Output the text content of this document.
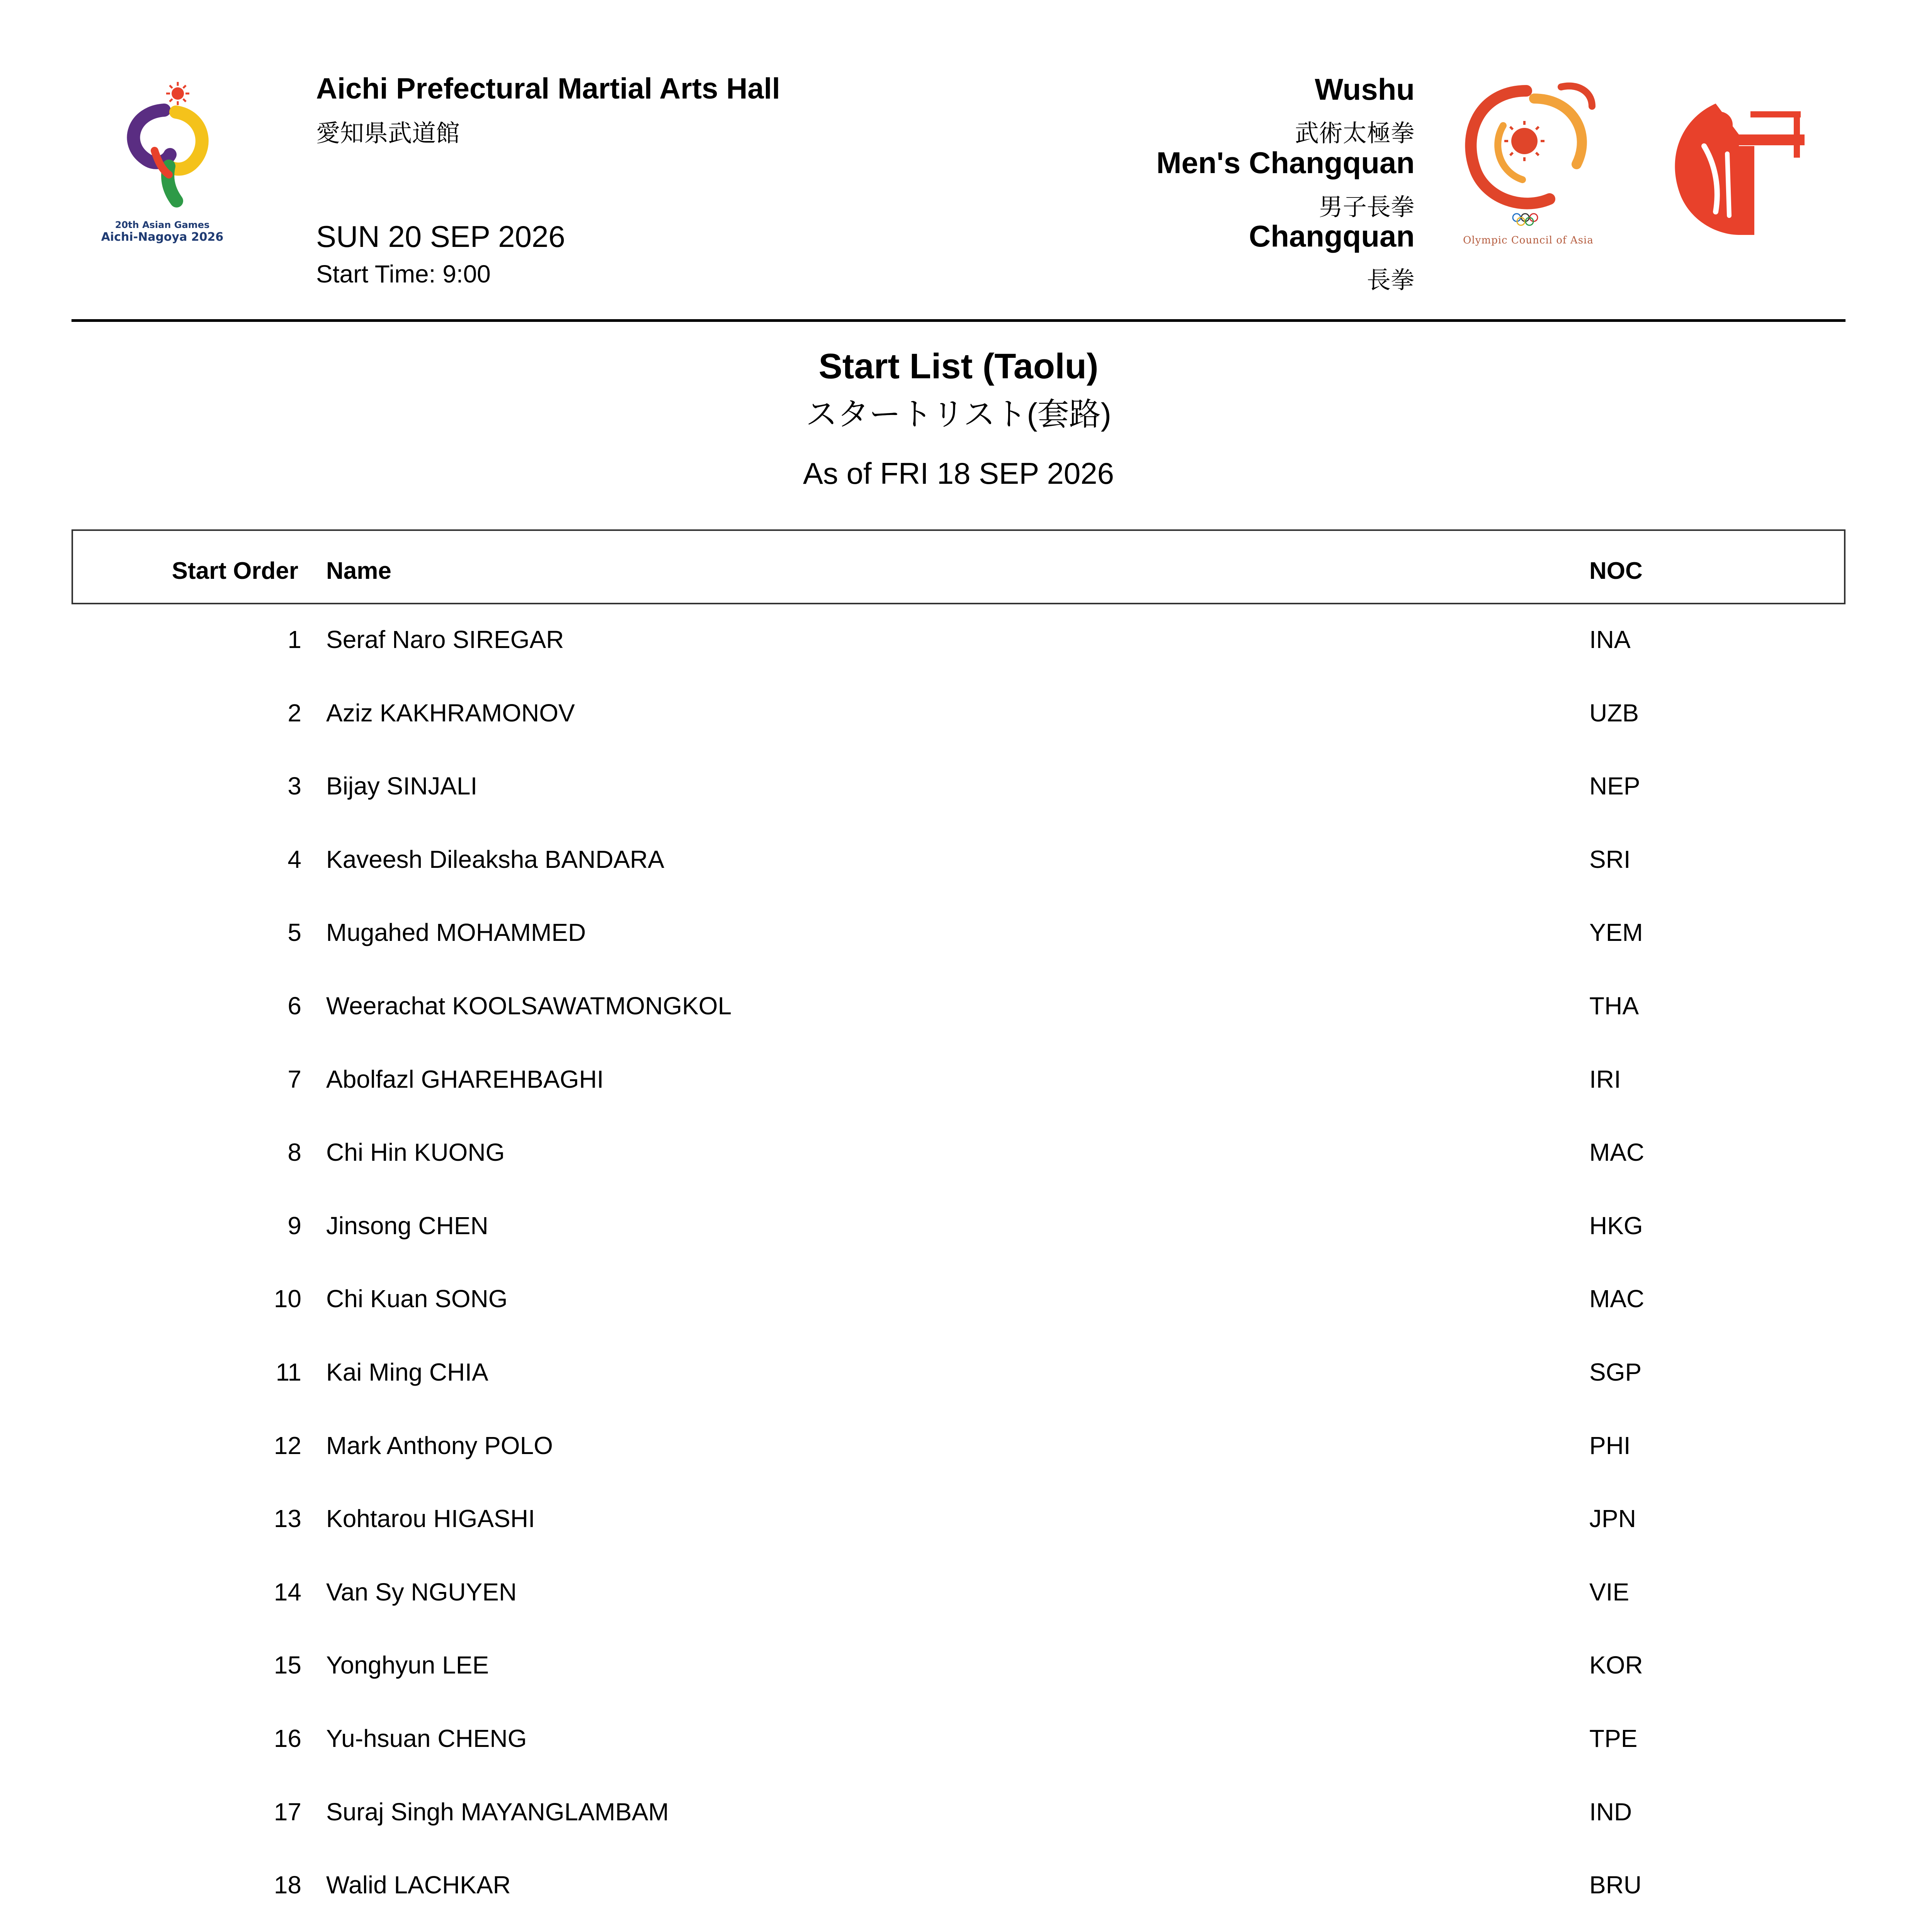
20th Asian Games
Aichi-Nagoya 2026
Aichi Prefectural Martial Arts Hall
愛知県武道館
SUN 20 SEP 2026
Start Time: 9:00
Wushu
武術太極拳
Men's Changquan
男子長拳
Changquan
長拳
Olympic Council of Asia
Start List (Taolu)
スタートリスト(套路)
As of FRI 18 SEP 2026
Start Order Name	NOC
1 Seraf Naro SIREGAR	INA
2 Aziz KAKHRAMONOV	UZB
3 Bijay SINJALI	NEP
4 Kaveesh Dileaksha BANDARA	SRI
5 Mugahed MOHAMMED	YEM
6 Weerachat KOOLSAWATMONGKOL	THA
7 Abolfazl GHAREHBAGHI	IRI
8 Chi Hin KUONG	MAC
9 Jinsong CHEN	HKG
10 Chi Kuan SONG	MAC
11 Kai Ming CHIA	SGP
12 Mark Anthony POLO	PHI
13 Kohtarou HIGASHI	JPN
14 Van Sy NGUYEN	VIE
15 Yonghyun LEE	KOR
16 Yu-hsuan CHENG	TPE
17 Suraj Singh MAYANGLAMBAM	IND
18 Walid LACHKAR	BRU
